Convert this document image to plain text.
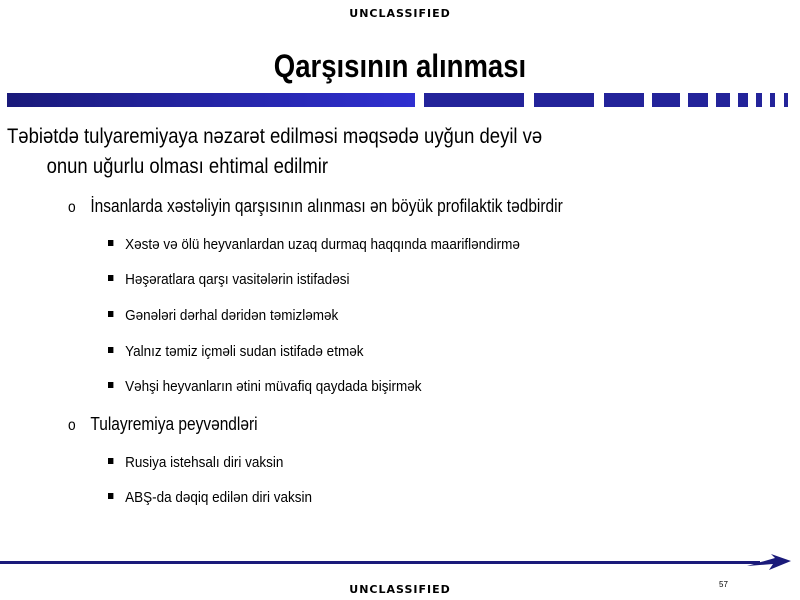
UNCLASSIFIED
Qarşısının alınması
Təbiətdə tulyaremiyaya nəzarət edilməsi məqsədə uyğun deyil və
onun uğurlu olması ehtimal edilmir
o İnsanlarda xəstəliyin qarşısının alınması ən böyük profilaktik tədbirdir
Xəstə və ölü heyvanlardan uzaq durmaq haqqında maarifləndirmə
Həşəratlara qarşı vasitələrin istifadəsi
Gənələri dərhal dəridən təmizləmək
Yalnız təmiz içməli sudan istifadə etmək
Vəhşi heyvanların ətini müvafiq qaydada bişirmək
o Tulayremiya peyvəndləri
Rusiya istehsalı diri vaksin
ABŞ-da dəqiq edilən diri vaksin
57
UNCLASSIFIED
